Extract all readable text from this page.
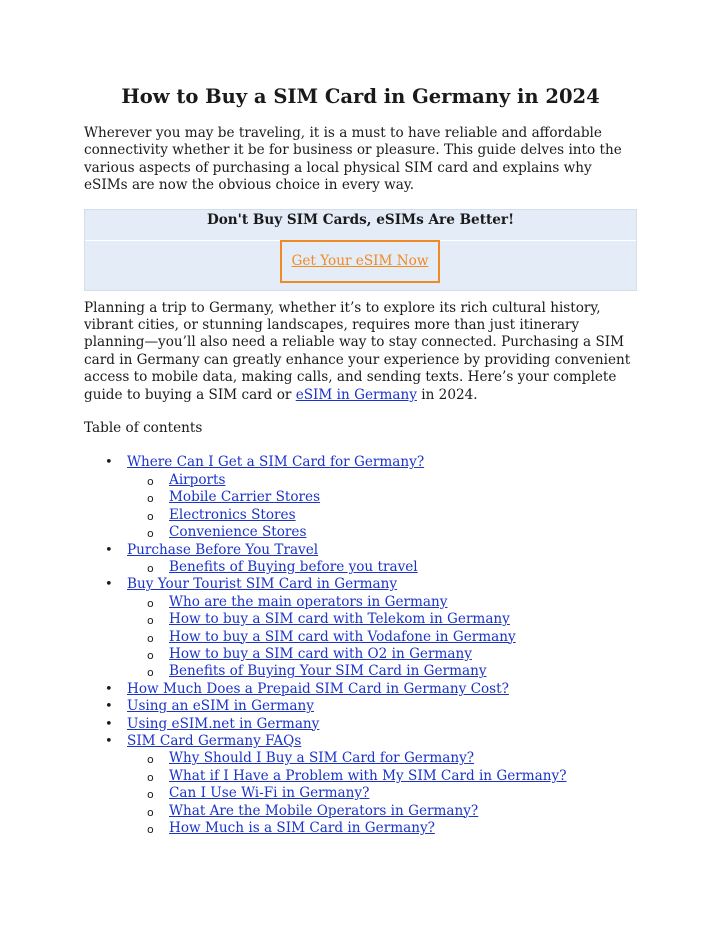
How to Buy a SIM Card in Germany in 2024

Wherever you may be traveling, it is a must to have reliable and affordable connectivity whether it be for business or pleasure. This guide delves into the various aspects of purchasing a local physical SIM card and explains why eSIMs are now the obvious choice in every way.

Don't Buy SIM Cards, eSIMs Are Better!
Get Your eSIM Now

Planning a trip to Germany, whether it’s to explore its rich cultural history, vibrant cities, or stunning landscapes, requires more than just itinerary planning—you’ll also need a reliable way to stay connected. Purchasing a SIM card in Germany can greatly enhance your experience by providing convenient access to mobile data, making calls, and sending texts. Here’s your complete guide to buying a SIM card or eSIM in Germany in 2024.

Table of contents

• Where Can I Get a SIM Card for Germany?
o Airports
o Mobile Carrier Stores
o Electronics Stores
o Convenience Stores
• Purchase Before You Travel
o Benefits of Buying before you travel
• Buy Your Tourist SIM Card in Germany
o Who are the main operators in Germany
o How to buy a SIM card with Telekom in Germany
o How to buy a SIM card with Vodafone in Germany
o How to buy a SIM card with O2 in Germany
o Benefits of Buying Your SIM Card in Germany
• How Much Does a Prepaid SIM Card in Germany Cost?
• Using an eSIM in Germany
• Using eSIM.net in Germany
• SIM Card Germany FAQs
o Why Should I Buy a SIM Card for Germany?
o What if I Have a Problem with My SIM Card in Germany?
o Can I Use Wi-Fi in Germany?
o What Are the Mobile Operators in Germany?
o How Much is a SIM Card in Germany?
